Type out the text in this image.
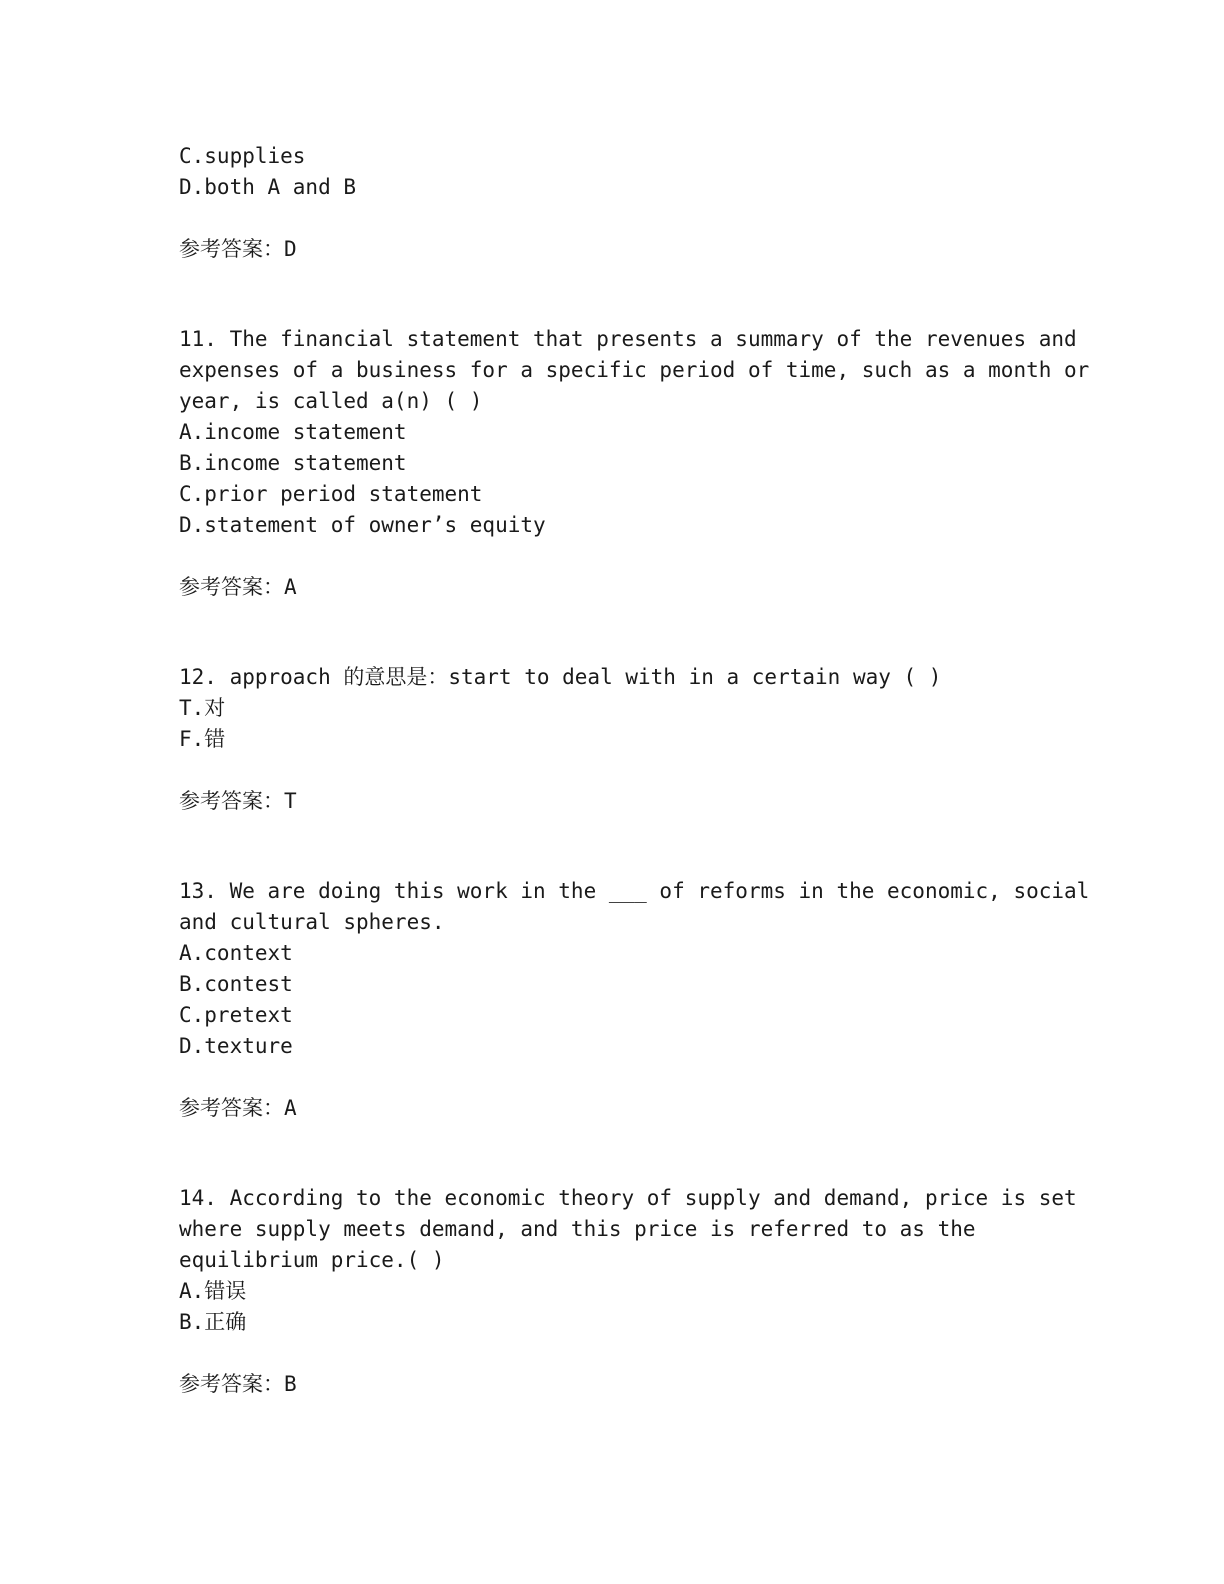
C.supplies
D.both A and B
参考答案：D
11. The financial statement that presents a summary of the revenues and
expenses of a business for a specific period of time, such as a month or
year, is called a(n) ( )
A.income statement
B.income statement
C.prior period statement
D.statement of owner’s equity
参考答案：A
12. approach 的意思是：start to deal with in a certain way ( )
T.对
F.错
参考答案：T
13. We are doing this work in the ___ of reforms in the economic, social
and cultural spheres.
A.context
B.contest
C.pretext
D.texture
参考答案：A
14. According to the economic theory of supply and demand, price is set
where supply meets demand, and this price is referred to as the
equilibrium price.( )
A.错误
B.正确
参考答案：B
